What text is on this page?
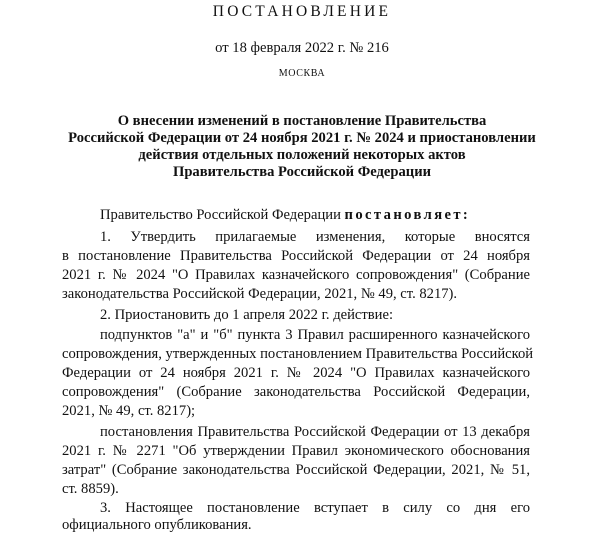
ПОСТАНОВЛЕНИЕ
от 18 февраля 2022 г. № 216
МОСКВА
О внесении изменений в постановление Правительства
Российской Федерации от 24 ноября 2021 г. № 2024 и приостановлении
действия отдельных положений некоторых актов
Правительства Российской Федерации
Правительство Российской Федерации постановляет:
1. Утвердить прилагаемые изменения, которые вносятся
в постановление Правительства Российской Федерации от 24 ноября
2021 г. № 2024 "О Правилах казначейского сопровождения" (Собрание
законодательства Российской Федерации, 2021, № 49, ст. 8217).
2. Приостановить до 1 апреля 2022 г. действие:
подпунктов "а" и "б" пункта 3 Правил расширенного казначейского
сопровождения, утвержденных постановлением Правительства Российской
Федерации от 24 ноября 2021 г. № 2024 "О Правилах казначейского
сопровождения" (Собрание законодательства Российской Федерации,
2021, № 49, ст. 8217);
постановления Правительства Российской Федерации от 13 декабря
2021 г. № 2271 "Об утверждении Правил экономического обоснования
затрат" (Собрание законодательства Российской Федерации, 2021, № 51,
ст. 8859).
3. Настоящее постановление вступает в силу со дня его
официального опубликования.
